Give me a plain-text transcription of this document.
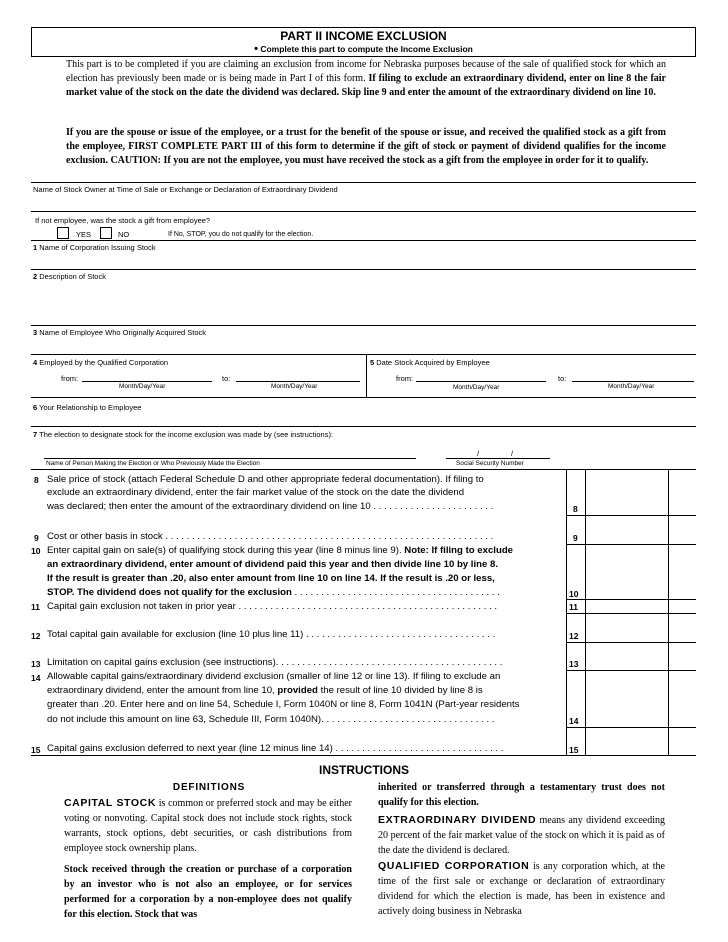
PART II INCOME EXCLUSION
• Complete this part to compute the Income Exclusion
This part is to be completed if you are claiming an exclusion from income for Nebraska purposes because of the sale of qualified stock for which an election has previously been made or is being made in Part I of this form. If filing to exclude an extraordinary dividend, enter on line 8 the fair market value of the stock on the date the dividend was declared. Skip line 9 and enter the amount of the extraordinary dividend on line 10.
If you are the spouse or issue of the employee, or a trust for the benefit of the spouse or issue, and received the qualified stock as a gift from the employee, FIRST COMPLETE PART III of this form to determine if the gift of stock or payment of dividend qualifies for the income exclusion. CAUTION: If you are not the employee, you must have received the stock as a gift from the employee in order for it to qualify.
Name of Stock Owner at Time of Sale or Exchange or Declaration of Extraordinary Dividend
If not employee, was the stock a gift from employee?
YES	NO	If No, STOP, you do not qualify for the election.
1 Name of Corporation Issuing Stock
2 Description of Stock
3 Name of Employee Who Originally Acquired Stock
4 Employed by the Qualified Corporation	5 Date Stock Acquired by Employee
from:
Month/Day/Year
to:
Month/Day/Year
from:
Month/Day/Year
to:
Month/Day/Year
6 Your Relationship to Employee
7 The election to designate stock for the income exclusion was made by (see instructions):
/	/
Name of Person Making the Election or Who Previously Made the Election	Social Security Number
8 Sale price of stock (attach Federal Schedule D and other appropriate federal documentation). If filing to
exclude an extraordinary dividend, enter the fair market value of the stock on the date the dividend
was declared; then enter the amount of the extraordinary dividend on line 10 . . . . . . . . . . . . . . . . . . . . . . .	8
9 Cost or other basis in stock . . . . . . . . . . . . . . . . . . . . . . . . . . . . . . . . . . . . . . . . . . . . . . . . . . . . . . . . . . . . . .	9
10 Enter capital gain on sale(s) of qualifying stock during this year (line 8 minus line 9). Note: If filing to exclude
an extraordinary dividend, enter amount of dividend paid this year and then divide line 10 by line 8.
If the result is greater than .20, also enter amount from line 10 on line 14. If the result is .20 or less,
STOP. The dividend does not qualify for the exclusion . . . . . . . . . . . . . . . . . . . . . . . . . . . . . . . . . . . . . . .	10
11 Capital gain exclusion not taken in prior year . . . . . . . . . . . . . . . . . . . . . . . . . . . . . . . . . . . . . . . . . . . . . . . . .	11
12 Total capital gain available for exclusion (line 10 plus line 11) . . . . . . . . . . . . . . . . . . . . . . . . . . . . . . . . . . . .	12
13 Limitation on capital gains exclusion (see instructions). . . . . . . . . . . . . . . . . . . . . . . . . . . . . . . . . . . . . . . . . . .	13
14 Allowable capital gains/extraordinary dividend exclusion (smaller of line 12 or line 13). If filing to exclude an
extraordinary dividend, enter the amount from line 10, provided the result of line 10 divided by line 8 is
greater than .20. Enter here and on line 54, Schedule I, Form 1040N or line 8, Form 1041N (Part-year residents
do not include this amount on line 63, Schedule III, Form 1040N). . . . . . . . . . . . . . . . . . . . . . . . . . . . . . . . .	14
15 Capital gains exclusion deferred to next year (line 12 minus line 14) . . . . . . . . . . . . . . . . . . . . . . . . . . . . . . . .	15
INSTRUCTIONS
DEFINITIONS
CAPITAL STOCK is common or preferred stock and may be either voting or nonvoting. Capital stock does not include stock rights, stock warrants, stock options, debt securities, or cash distributions from employee stock ownership plans.
Stock received through the creation or purchase of a corporation by an investor who is not also an employee, or for services performed for a corporation by a non-employee does not qualify for this election. Stock that was
inherited or transferred through a testamentary trust does not qualify for this election.
EXTRAORDINARY DIVIDEND means any dividend exceeding 20 percent of the fair market value of the stock on which it is paid as of the date the dividend is declared.
QUALIFIED CORPORATION is any corporation which, at the time of the first sale or exchange or declaration of extraordinary dividend for which the election is made, has been in existence and actively doing business in Nebraska
